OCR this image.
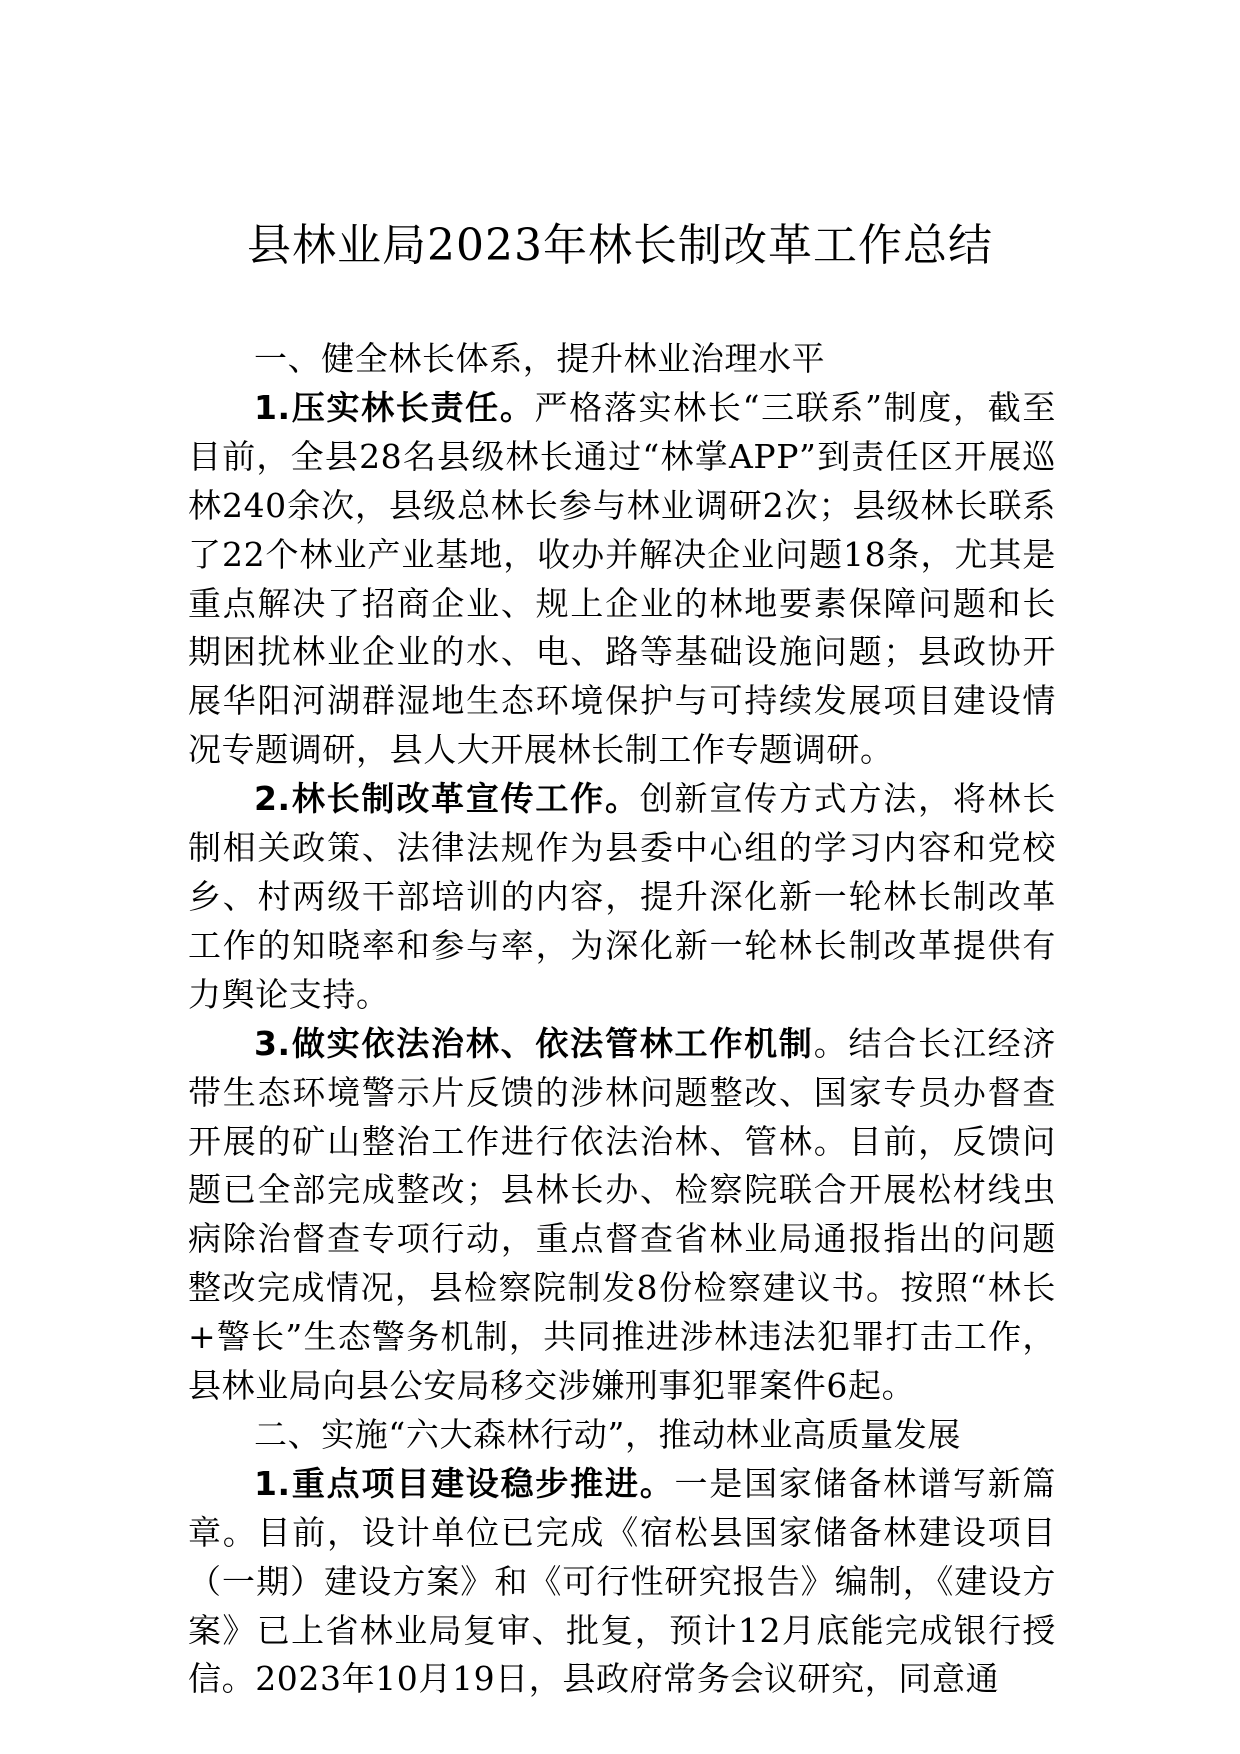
县林业局2023年林长制改革工作总结

一、健全林长体系，提升林业治理水平

1.压实林长责任。严格落实林长“三联系”制度，截至目前，全县28名县级林长通过“林掌APP”到责任区开展巡林240余次，县级总林长参与林业调研2次；县级林长联系了22个林业产业基地，收办并解决企业问题18条，尤其是重点解决了招商企业、规上企业的林地要素保障问题和长期困扰林业企业的水、电、路等基础设施问题；县政协开展华阳河湖群湿地生态环境保护与可持续发展项目建设情况专题调研，县人大开展林长制工作专题调研。

2.林长制改革宣传工作。创新宣传方式方法，将林长制相关政策、法律法规作为县委中心组的学习内容和党校乡、村两级干部培训的内容，提升深化新一轮林长制改革工作的知晓率和参与率，为深化新一轮林长制改革提供有力舆论支持。

3.做实依法治林、依法管林工作机制。结合长江经济带生态环境警示片反馈的涉林问题整改、国家专员办督查开展的矿山整治工作进行依法治林、管林。目前，反馈问题已全部完成整改；县林长办、检察院联合开展松材线虫病除治督查专项行动，重点督查省林业局通报指出的问题整改完成情况，县检察院制发8份检察建议书。按照“林长+警长”生态警务机制，共同推进涉林违法犯罪打击工作，县林业局向县公安局移交涉嫌刑事犯罪案件6起。

二、实施“六大森林行动”，推动林业高质量发展

1.重点项目建设稳步推进。一是国家储备林谱写新篇章。目前，设计单位已完成《宿松县国家储备林建设项目（一期）建设方案》和《可行性研究报告》编制，《建设方案》已上省林业局复审、批复，预计12月底能完成银行授信。2023年10月19日，县政府常务会议研究，同意通
